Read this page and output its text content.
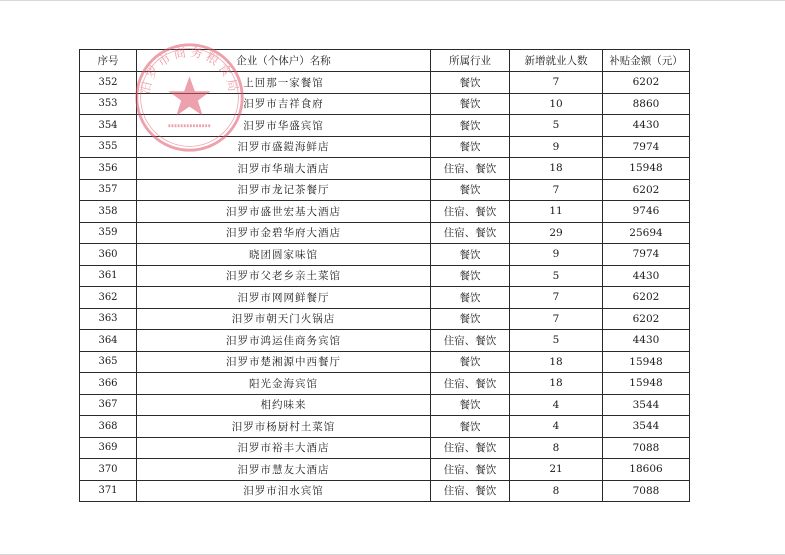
序号	企业（个体户）名称	所属行业	新增就业人数	补贴金额（元）
352	上回那一家餐馆	餐饮	7	6202
353	汨罗市吉祥食府	餐饮	10	8860
354	汨罗市华盛宾馆	餐饮	5	4430
355	汨罗市盛鎧海鲜店	餐饮	9	7974
356	汨罗市华瑞大酒店	住宿、餐饮	18	15948
357	汨罗市龙记茶餐厅	餐饮	7	6202
358	汨罗市盛世宏基大酒店	住宿、餐饮	11	9746
359	汨罗市金碧华府大酒店	住宿、餐饮	29	25694
360	晓团圆家味馆	餐饮	9	7974
361	汨罗市父老乡亲土菜馆	餐饮	5	4430
362	汨罗市网网鲜餐厅	餐饮	7	6202
363	汨罗市朝天门火锅店	餐饮	7	6202
364	汨罗市鸿运佳商务宾馆	住宿、餐饮	5	4430
365	汨罗市楚湘源中西餐厅	餐饮	18	15948
366	阳光金海宾馆	住宿、餐饮	18	15948
367	相约味来	餐饮	4	3544
368	汨罗市杨厨村土菜馆	餐饮	4	3544
369	汨罗市裕丰大酒店	住宿、餐饮	8	7088
370	汨罗市慧友大酒店	住宿、餐饮	21	18606
371	汨罗市汨水宾馆	住宿、餐饮	8	7088
汨罗市商务粮食局
